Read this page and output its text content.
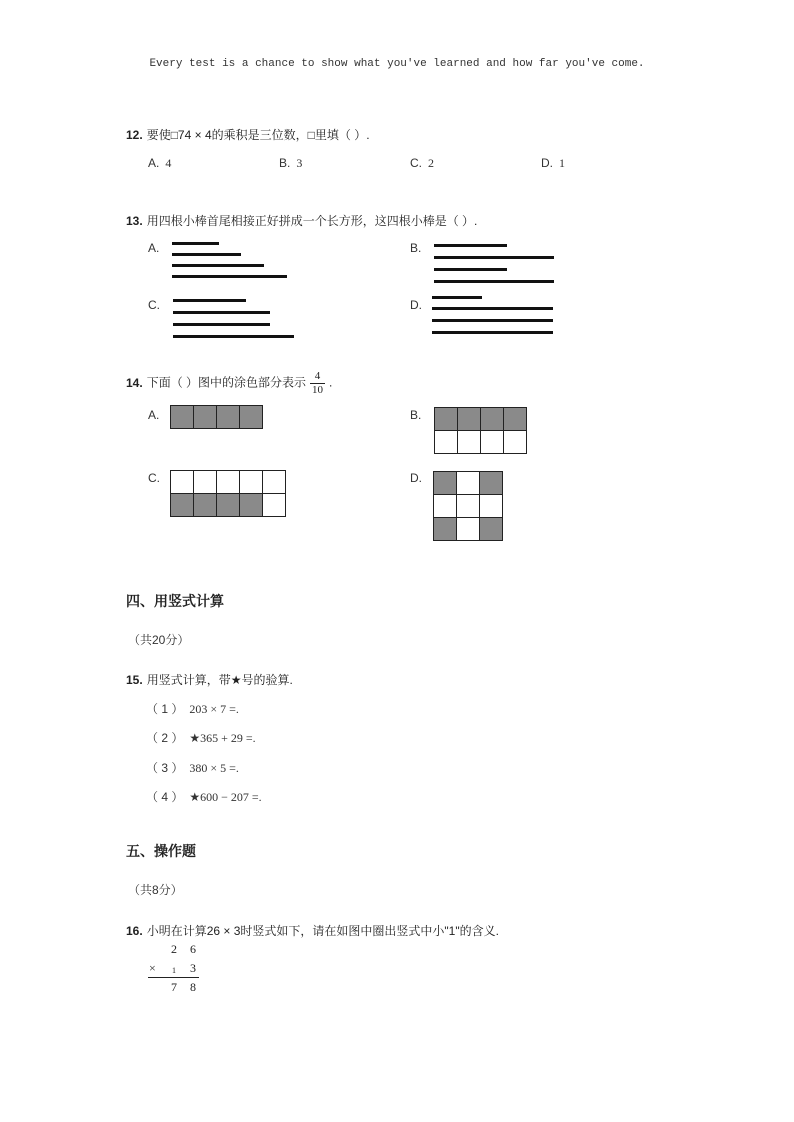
Every test is a chance to show what you've learned and how far you've come.
12. 要使□74 × 4的乘积是三位数，□里填（ ）.
A. 4	B. 3	C. 2	D. 1
13. 用四根小棒首尾相接正好拼成一个长方形，这四根小棒是（ ）.
A.	B.
C.	D.
14. 下面（ ）图中的涂色部分表示 $\frac{4}{10}$ .
A.	B.
C.	D.

四、用竖式计算
（共20分）
15. 用竖式计算，带★号的验算.
（ 1 ） 203 × 7 =.
（ 2 ） ★365 + 29 =.
（ 3 ） 380 × 5 =.
（ 4 ） ★600 − 207 =.
五、操作题
（共8分）
16. 小明在计算26 × 3时竖式如下，请在如图中圈出竖式中小"1"的含义.
2 6
× 1 3
7 8
